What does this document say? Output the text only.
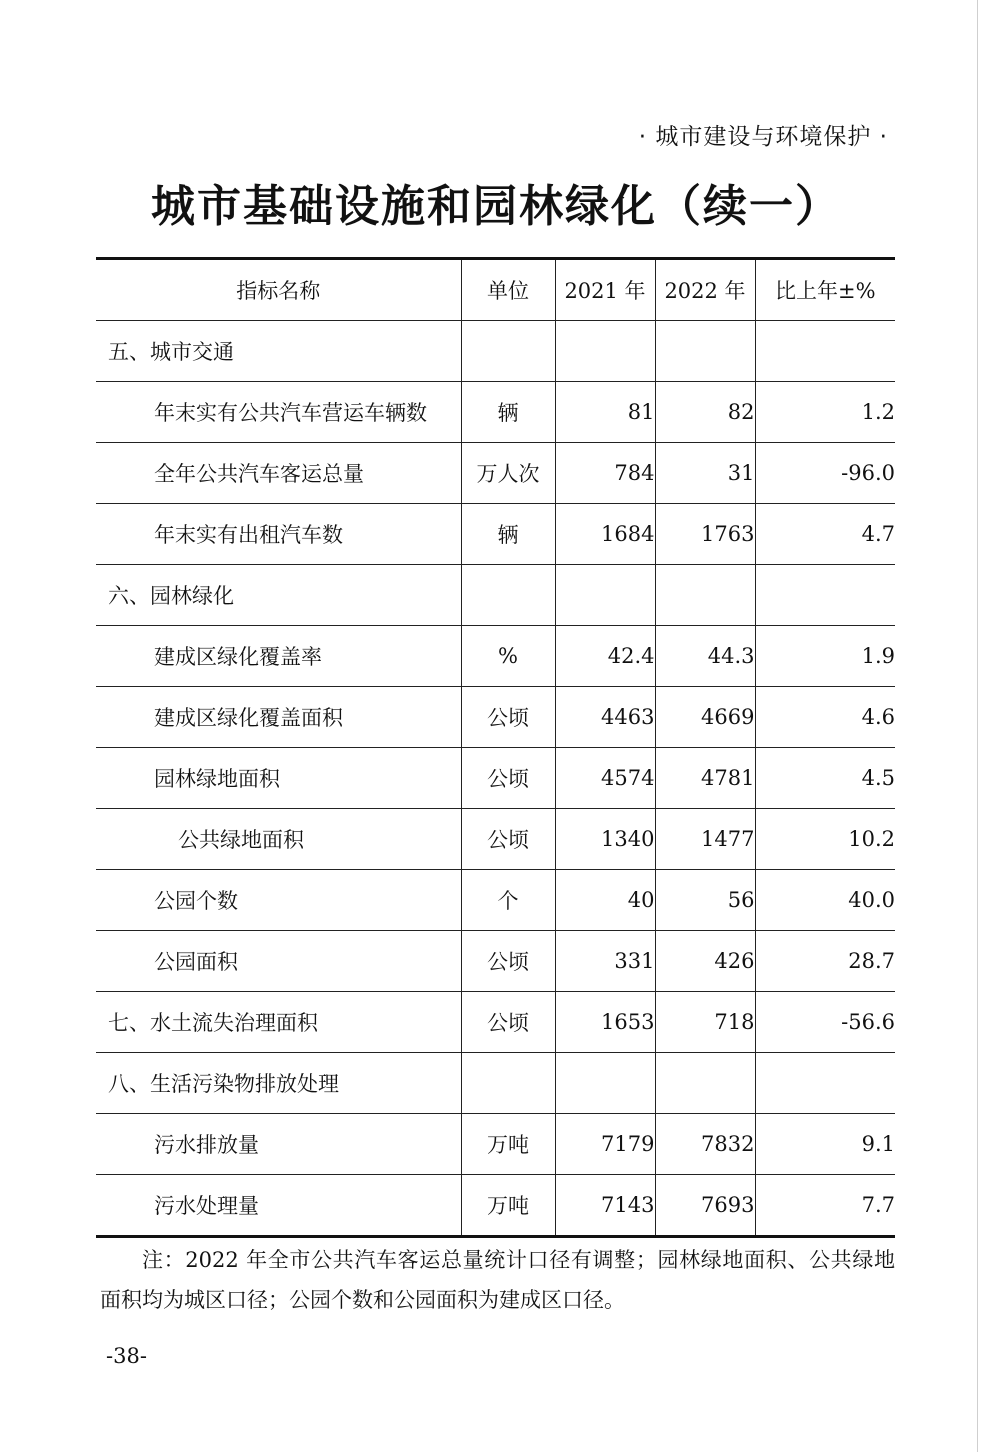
· 城市建设与环境保护 ·
城市基础设施和园林绿化（续一）
指标名称	单位	2021 年	2022 年	比上年±%
五、城市交通				
年末实有公共汽车营运车辆数	辆	81	82	1.2
全年公共汽车客运总量	万人次	784	31	-96.0
年末实有出租汽车数	辆	1684	1763	4.7
六、园林绿化				
建成区绿化覆盖率	%	42.4	44.3	1.9
建成区绿化覆盖面积	公顷	4463	4669	4.6
园林绿地面积	公顷	4574	4781	4.5
公共绿地面积	公顷	1340	1477	10.2
公园个数	个	40	56	40.0
公园面积	公顷	331	426	28.7
七、水土流失治理面积	公顷	1653	718	-56.6
八、生活污染物排放处理				
污水排放量	万吨	7179	7832	9.1
污水处理量	万吨	7143	7693	7.7
注：2022 年全市公共汽车客运总量统计口径有调整；园林绿地面积、公共绿地面积均为城区口径；公园个数和公园面积为建成区口径。
-38-
